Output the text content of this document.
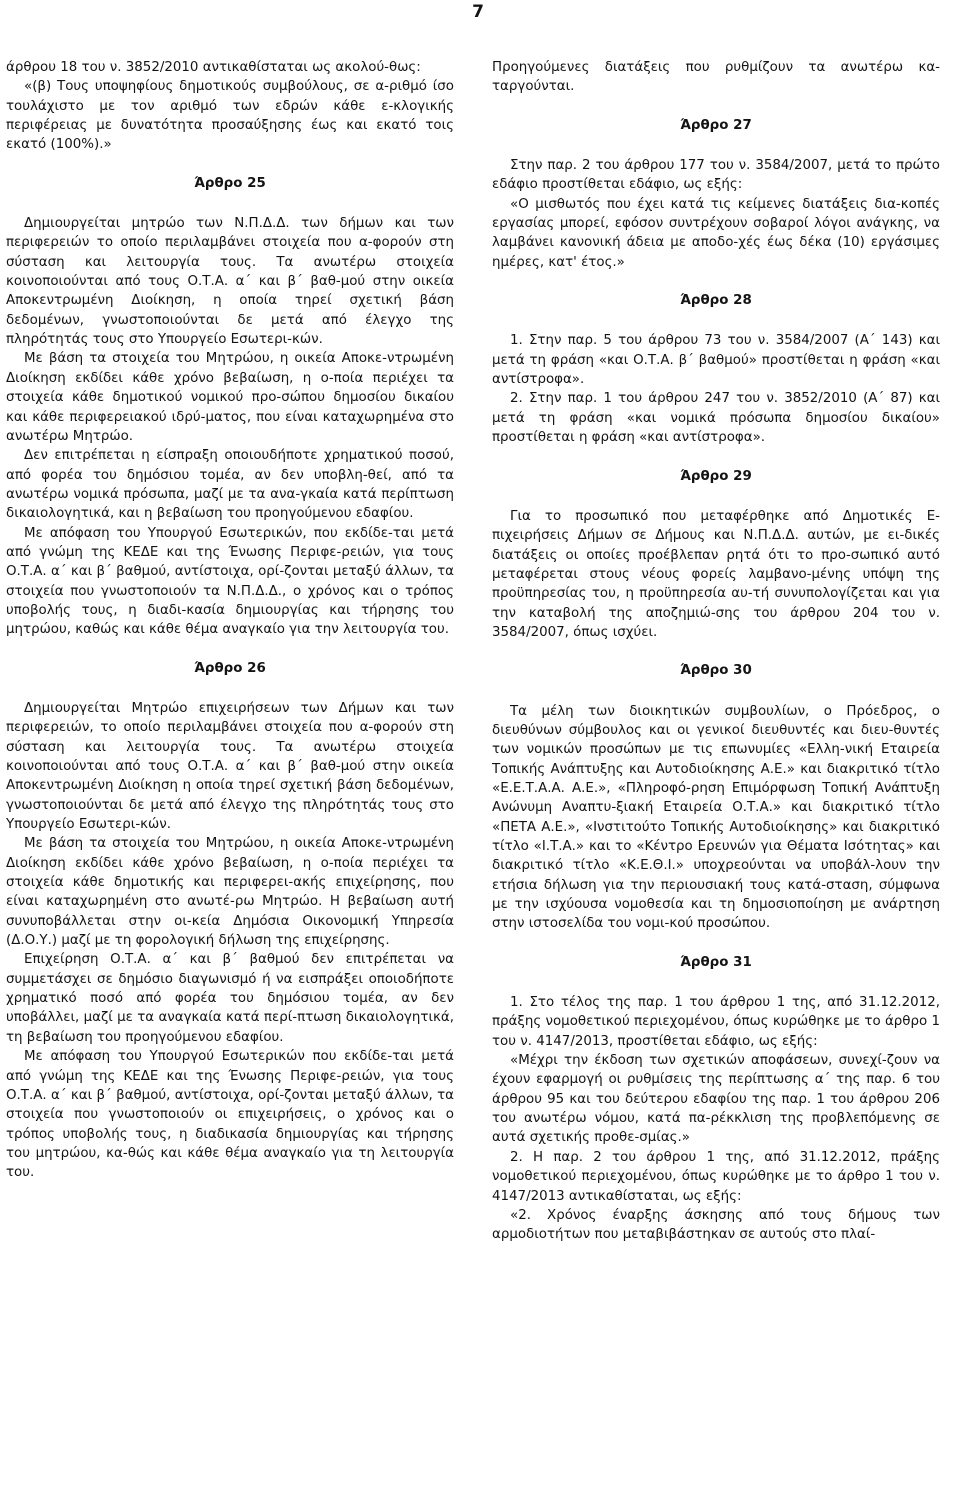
7

άρθρου 18 του ν. 3852/2010 αντικαθίσταται ως ακολού-θως:

«(β) Τους υποψηφίους δημοτικούς συμβούλους, σε α-ριθμό ίσο τουλάχιστο με τον αριθμό των εδρών κάθε ε-κλογικής περιφέρειας με δυνατότητα προσαύξησης έως και εκατό τοις εκατό (100%).»

Άρθρο 25

Δημιουργείται μητρώο των Ν.Π.Δ.Δ. των δήμων και των περιφερειών το οποίο περιλαμβάνει στοιχεία που α-φορούν στη σύσταση και λειτουργία τους. Τα ανωτέρω στοιχεία κοινοποιούνται από τους Ο.Τ.Α. α΄ και β΄ βαθ-μού στην οικεία Αποκεντρωμένη Διοίκηση, η οποία τηρεί σχετική βάση δεδομένων, γνωστοποιούνται δε μετά από έλεγχο της πληρότητάς τους στο Υπουργείο Εσωτερι-κών.

Με βάση τα στοιχεία του Μητρώου, η οικεία Αποκε-ντρωμένη Διοίκηση εκδίδει κάθε χρόνο βεβαίωση, η ο-ποία περιέχει τα στοιχεία κάθε δημοτικού νομικού προ-σώπου δημοσίου δικαίου και κάθε περιφερειακού ιδρύ-ματος, που είναι καταχωρημένα στο ανωτέρω Μητρώο.

Δεν επιτρέπεται η είσπραξη οποιουδήποτε χρηματικού ποσού, από φορέα του δημόσιου τομέα, αν δεν υποβλη-θεί, από τα ανωτέρω νομικά πρόσωπα, μαζί με τα ανα-γκαία κατά περίπτωση δικαιολογητικά, και η βεβαίωση του προηγούμενου εδαφίου.

Με απόφαση του Υπουργού Εσωτερικών, που εκδίδε-ται μετά από γνώμη της ΚΕΔΕ και της Ένωσης Περιφε-ρειών, για τους Ο.Τ.Α. α΄ και β΄ βαθμού, αντίστοιχα, ορί-ζονται μεταξύ άλλων, τα στοιχεία που γνωστοποιούν τα Ν.Π.Δ.Δ., ο χρόνος και ο τρόπος υποβολής τους, η διαδι-κασία δημιουργίας και τήρησης του μητρώου, καθώς και κάθε θέμα αναγκαίο για την λειτουργία του.

Άρθρο 26

Δημιουργείται Μητρώο επιχειρήσεων των Δήμων και των περιφερειών, το οποίο περιλαμβάνει στοιχεία που α-φορούν στη σύσταση και λειτουργία τους. Τα ανωτέρω στοιχεία κοινοποιούνται από τους Ο.Τ.Α. α΄ και β΄ βαθ-μού στην οικεία Αποκεντρωμένη Διοίκηση η οποία τηρεί σχετική βάση δεδομένων, γνωστοποιούνται δε μετά από έλεγχο της πληρότητάς τους στο Υπουργείο Εσωτερι-κών.

Με βάση τα στοιχεία του Μητρώου, η οικεία Αποκε-ντρωμένη Διοίκηση εκδίδει κάθε χρόνο βεβαίωση, η ο-ποία περιέχει τα στοιχεία κάθε δημοτικής και περιφερει-ακής επιχείρησης, που είναι καταχωρημένη στο ανωτέ-ρω Μητρώο. Η βεβαίωση αυτή συνυποβάλλεται στην οι-κεία Δημόσια Οικονομική Υπηρεσία (Δ.Ο.Υ.) μαζί με τη φορολογική δήλωση της επιχείρησης.

Επιχείρηση Ο.Τ.Α. α΄ και β΄ βαθμού δεν επιτρέπεται να συμμετάσχει σε δημόσιο διαγωνισμό ή να εισπράξει οποιοδήποτε χρηματικό ποσό από φορέα του δημόσιου τομέα, αν δεν υποβάλλει, μαζί με τα αναγκαία κατά περί-πτωση δικαιολογητικά, τη βεβαίωση του προηγούμενου εδαφίου.

Με απόφαση του Υπουργού Εσωτερικών που εκδίδε-ται μετά από γνώμη της ΚΕΔΕ και της Ένωσης Περιφε-ρειών, για τους Ο.Τ.Α. α΄ και β΄ βαθμού, αντίστοιχα, ορί-ζονται μεταξύ άλλων, τα στοιχεία που γνωστοποιούν οι επιχειρήσεις, ο χρόνος και ο τρόπος υποβολής τους, η διαδικασία δημιουργίας και τήρησης του μητρώου, κα-θώς και κάθε θέμα αναγκαίο για τη λειτουργία του.

Προηγούμενες διατάξεις που ρυθμίζουν τα ανωτέρω κα-ταργούνται.

Άρθρο 27

Στην παρ. 2 του άρθρου 177 του ν. 3584/2007, μετά το πρώτο εδάφιο προστίθεται εδάφιο, ως εξής:

«Ο μισθωτός που έχει κατά τις κείμενες διατάξεις δια-κοπές εργασίας μπορεί, εφόσον συντρέχουν σοβαροί λόγοι ανάγκης, να λαμβάνει κανονική άδεια με αποδο-χές έως δέκα (10) εργάσιμες ημέρες, κατ' έτος.»

Άρθρο 28

1. Στην παρ. 5 του άρθρου 73 του ν. 3584/2007 (Α΄ 143) και μετά τη φράση «και Ο.Τ.Α. β΄ βαθμού» προστίθεται η φράση «και αντίστροφα».

2. Στην παρ. 1 του άρθρου 247 του ν. 3852/2010 (Α΄ 87) και μετά τη φράση «και νομικά πρόσωπα δημοσίου δικαίου» προστίθεται η φράση «και αντίστροφα».

Άρθρο 29

Για το προσωπικό που μεταφέρθηκε από Δημοτικές Ε-πιχειρήσεις Δήμων σε Δήμους και Ν.Π.Δ.Δ. αυτών, με ει-δικές διατάξεις οι οποίες προέβλεπαν ρητά ότι το προ-σωπικό αυτό μεταφέρεται στους νέους φορείς λαμβανο-μένης υπόψη της προϋπηρεσίας του, η προϋπηρεσία αυ-τή συνυπολογίζεται και για την καταβολή της αποζημιώ-σης του άρθρου 204 του ν. 3584/2007, όπως ισχύει.

Άρθρο 30

Τα μέλη των διοικητικών συμβουλίων, ο Πρόεδρος, ο διευθύνων σύμβουλος και οι γενικοί διευθυντές και διευ-θυντές των νομικών προσώπων με τις επωνυμίες «Ελλη-νική Εταιρεία Τοπικής Ανάπτυξης και Αυτοδιοίκησης Α.Ε.» και διακριτικό τίτλο «Ε.Ε.Τ.Α.Α. Α.Ε.», «Πληροφό-ρηση Επιμόρφωση Τοπική Ανάπτυξη Ανώνυμη Αναπτυ-ξιακή Εταιρεία Ο.Τ.Α.» και διακριτικό τίτλο «ΠΕΤΑ Α.Ε.», «Ινστιτούτο Τοπικής Αυτοδιοίκησης» και διακριτικό τίτλο «Ι.Τ.Α.» και το «Κέντρο Ερευνών για Θέματα Ισότητας» και διακριτικό τίτλο «Κ.Ε.Θ.Ι.» υποχρεούνται να υποβάλ-λουν την ετήσια δήλωση για την περιουσιακή τους κατά-σταση, σύμφωνα με την ισχύουσα νομοθεσία και τη δημοσιοποίηση με ανάρτηση στην ιστοσελίδα του νομι-κού προσώπου.

Άρθρο 31

1. Στο τέλος της παρ. 1 του άρθρου 1 της, από 31.12.2012, πράξης νομοθετικού περιεχομένου, όπως κυρώθηκε με το άρθρο 1 του ν. 4147/2013, προστίθεται εδάφιο, ως εξής:

«Μέχρι την έκδοση των σχετικών αποφάσεων, συνεχί-ζουν να έχουν εφαρμογή οι ρυθμίσεις της περίπτωσης α΄ της παρ. 6 του άρθρου 95 και του δεύτερου εδαφίου της παρ. 1 του άρθρου 206 του ανωτέρω νόμου, κατά πα-ρέκκλιση της προβλεπόμενης σε αυτά σχετικής προθε-σμίας.»

2. Η παρ. 2 του άρθρου 1 της, από 31.12.2012, πράξης νομοθετικού περιεχομένου, όπως κυρώθηκε με το άρθρο 1 του ν. 4147/2013 αντικαθίσταται, ως εξής:

«2. Χρόνος έναρξης άσκησης από τους δήμους των αρμοδιοτήτων που μεταβιβάστηκαν σε αυτούς στο πλαί-
